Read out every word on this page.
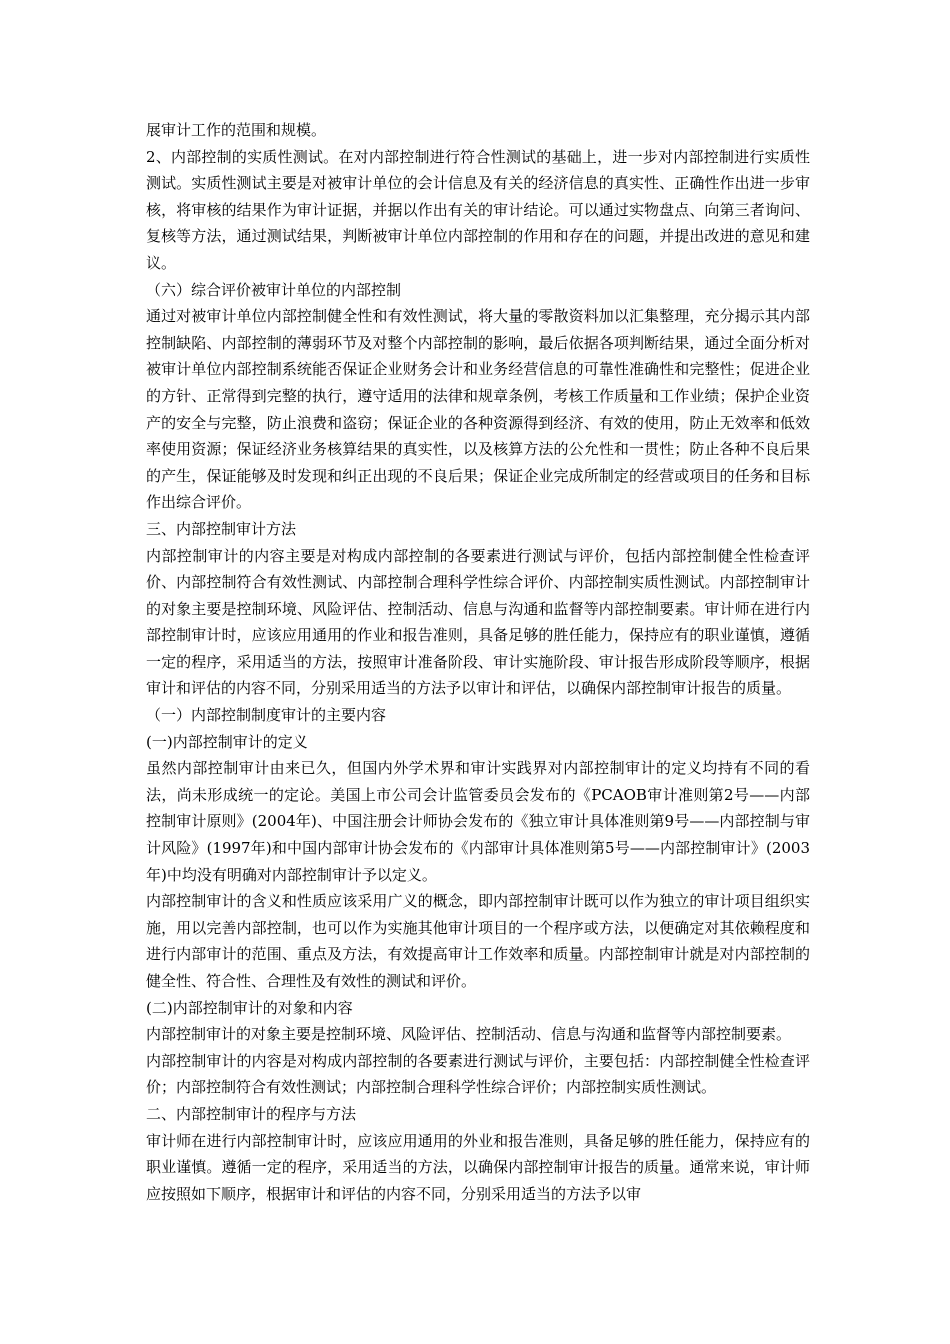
展审计工作的范围和规模。

2、内部控制的实质性测试。在对内部控制进行符合性测试的基础上，进一步对内部控制进行实质性测试。实质性测试主要是对被审计单位的会计信息及有关的经济信息的真实性、正确性作出进一步审核，将审核的结果作为审计证据，并据以作出有关的审计结论。可以通过实物盘点、向第三者询问、复核等方法，通过测试结果，判断被审计单位内部控制的作用和存在的问题，并提出改进的意见和建议。

（六）综合评价被审计单位的内部控制

通过对被审计单位内部控制健全性和有效性测试，将大量的零散资料加以汇集整理，充分揭示其内部控制缺陷、内部控制的薄弱环节及对整个内部控制的影响，最后依据各项判断结果，通过全面分析对被审计单位内部控制系统能否保证企业财务会计和业务经营信息的可靠性准确性和完整性；促进企业的方针、正常得到完整的执行，遵守适用的法律和规章条例，考核工作质量和工作业绩；保护企业资产的安全与完整，防止浪费和盗窃；保证企业的各种资源得到经济、有效的使用，防止无效率和低效率使用资源；保证经济业务核算结果的真实性，以及核算方法的公允性和一贯性；防止各种不良后果的产生，保证能够及时发现和纠正出现的不良后果；保证企业完成所制定的经营或项目的任务和目标作出综合评价。

三、内部控制审计方法

内部控制审计的内容主要是对构成内部控制的各要素进行测试与评价，包括内部控制健全性检查评价、内部控制符合有效性测试、内部控制合理科学性综合评价、内部控制实质性测试。内部控制审计的对象主要是控制环境、风险评估、控制活动、信息与沟通和监督等内部控制要素。审计师在进行内部控制审计时，应该应用通用的作业和报告准则，具备足够的胜任能力，保持应有的职业谨慎，遵循一定的程序，采用适当的方法，按照审计准备阶段、审计实施阶段、审计报告形成阶段等顺序，根据审计和评估的内容不同，分别采用适当的方法予以审计和评估，以确保内部控制审计报告的质量。

（一）内部控制制度审计的主要内容

(一)内部控制审计的定义

虽然内部控制审计由来已久，但国内外学术界和审计实践界对内部控制审计的定义均持有不同的看法，尚未形成统一的定论。美国上市公司会计监管委员会发布的《PCAOB审计准则第2号——内部控制审计原则》(2004年)、中国注册会计师协会发布的《独立审计具体准则第9号——内部控制与审计风险》(1997年)和中国内部审计协会发布的《内部审计具体准则第5号——内部控制审计》(2003年)中均没有明确对内部控制审计予以定义。

内部控制审计的含义和性质应该采用广义的概念，即内部控制审计既可以作为独立的审计项目组织实施，用以完善内部控制，也可以作为实施其他审计项目的一个程序或方法，以便确定对其依赖程度和进行内部审计的范围、重点及方法，有效提高审计工作效率和质量。内部控制审计就是对内部控制的健全性、符合性、合理性及有效性的测试和评价。

(二)内部控制审计的对象和内容

内部控制审计的对象主要是控制环境、风险评估、控制活动、信息与沟通和监督等内部控制要素。

内部控制审计的内容是对构成内部控制的各要素进行测试与评价，主要包括：内部控制健全性检查评价；内部控制符合有效性测试；内部控制合理科学性综合评价；内部控制实质性测试。

二、内部控制审计的程序与方法

审计师在进行内部控制审计时，应该应用通用的外业和报告准则，具备足够的胜任能力，保持应有的职业谨慎。遵循一定的程序，采用适当的方法，以确保内部控制审计报告的质量。通常来说，审计师应按照如下顺序，根据审计和评估的内容不同，分别采用适当的方法予以审
